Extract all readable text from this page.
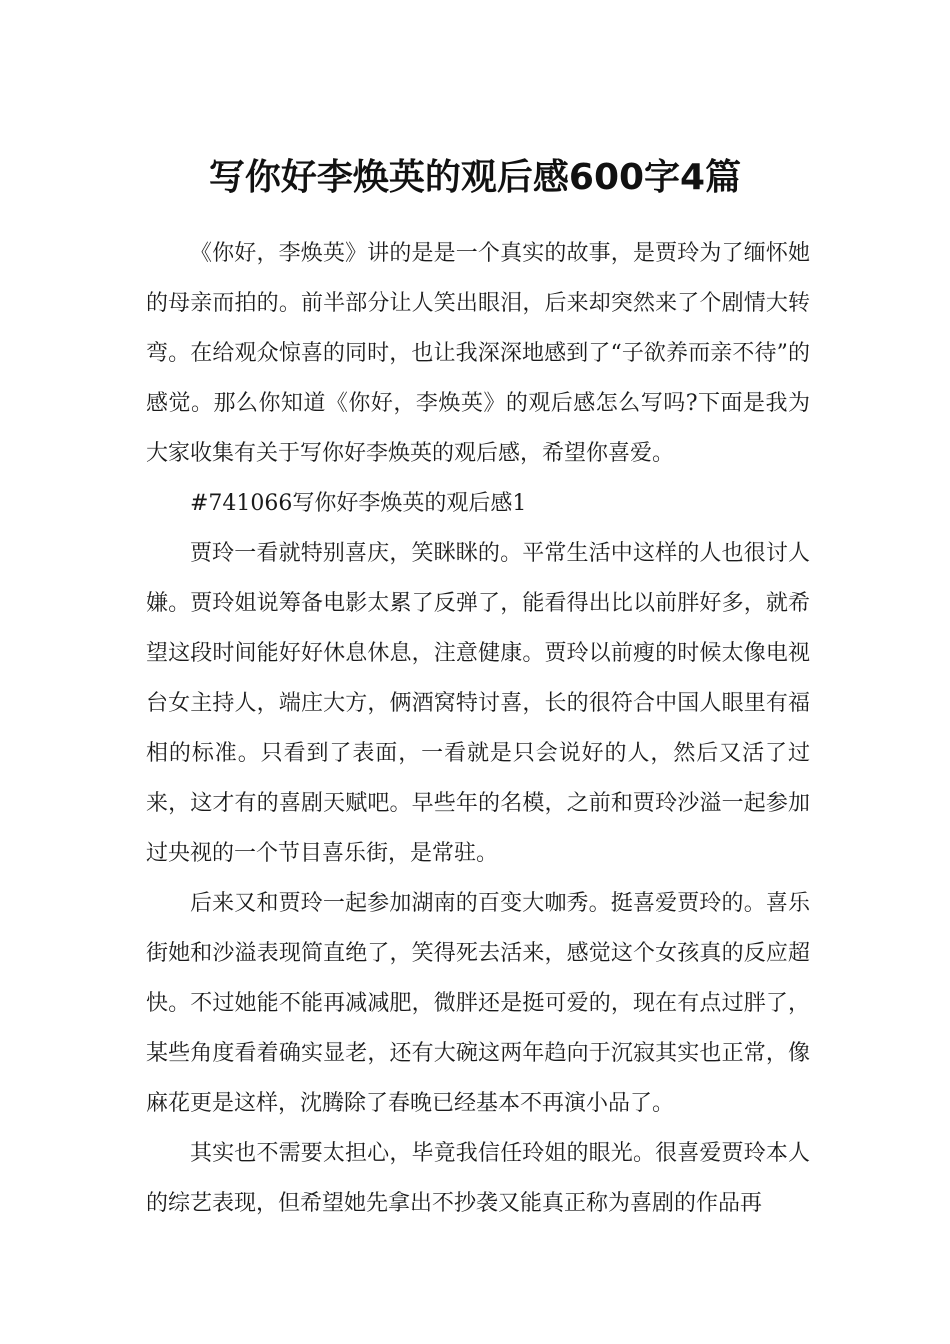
写你好李焕英的观后感600字4篇

《你好，李焕英》讲的是是一个真实的故事，是贾玲为了缅怀她的母亲而拍的。前半部分让人笑出眼泪，后来却突然来了个剧情大转弯。在给观众惊喜的同时，也让我深深地感到了“子欲养而亲不待”的感觉。那么你知道《你好，李焕英》的观后感怎么写吗?下面是我为大家收集有关于写你好李焕英的观后感，希望你喜爱。

#741066写你好李焕英的观后感1

贾玲一看就特别喜庆，笑眯眯的。平常生活中这样的人也很讨人嫌。贾玲姐说筹备电影太累了反弹了，能看得出比以前胖好多，就希望这段时间能好好休息休息，注意健康。贾玲以前瘦的时候太像电视台女主持人，端庄大方，俩酒窝特讨喜，长的很符合中国人眼里有福相的标准。只看到了表面，一看就是只会说好的人，然后又活了过来，这才有的喜剧天赋吧。早些年的名模，之前和贾玲沙溢一起参加过央视的一个节目喜乐街，是常驻。

后来又和贾玲一起参加湖南的百变大咖秀。挺喜爱贾玲的。喜乐街她和沙溢表现简直绝了，笑得死去活来，感觉这个女孩真的反应超快。不过她能不能再减减肥，微胖还是挺可爱的，现在有点过胖了，某些角度看着确实显老，还有大碗这两年趋向于沉寂其实也正常，像麻花更是这样，沈腾除了春晚已经基本不再演小品了。

其实也不需要太担心，毕竟我信任玲姐的眼光。很喜爱贾玲本人的综艺表现，但希望她先拿出不抄袭又能真正称为喜剧的作品再
